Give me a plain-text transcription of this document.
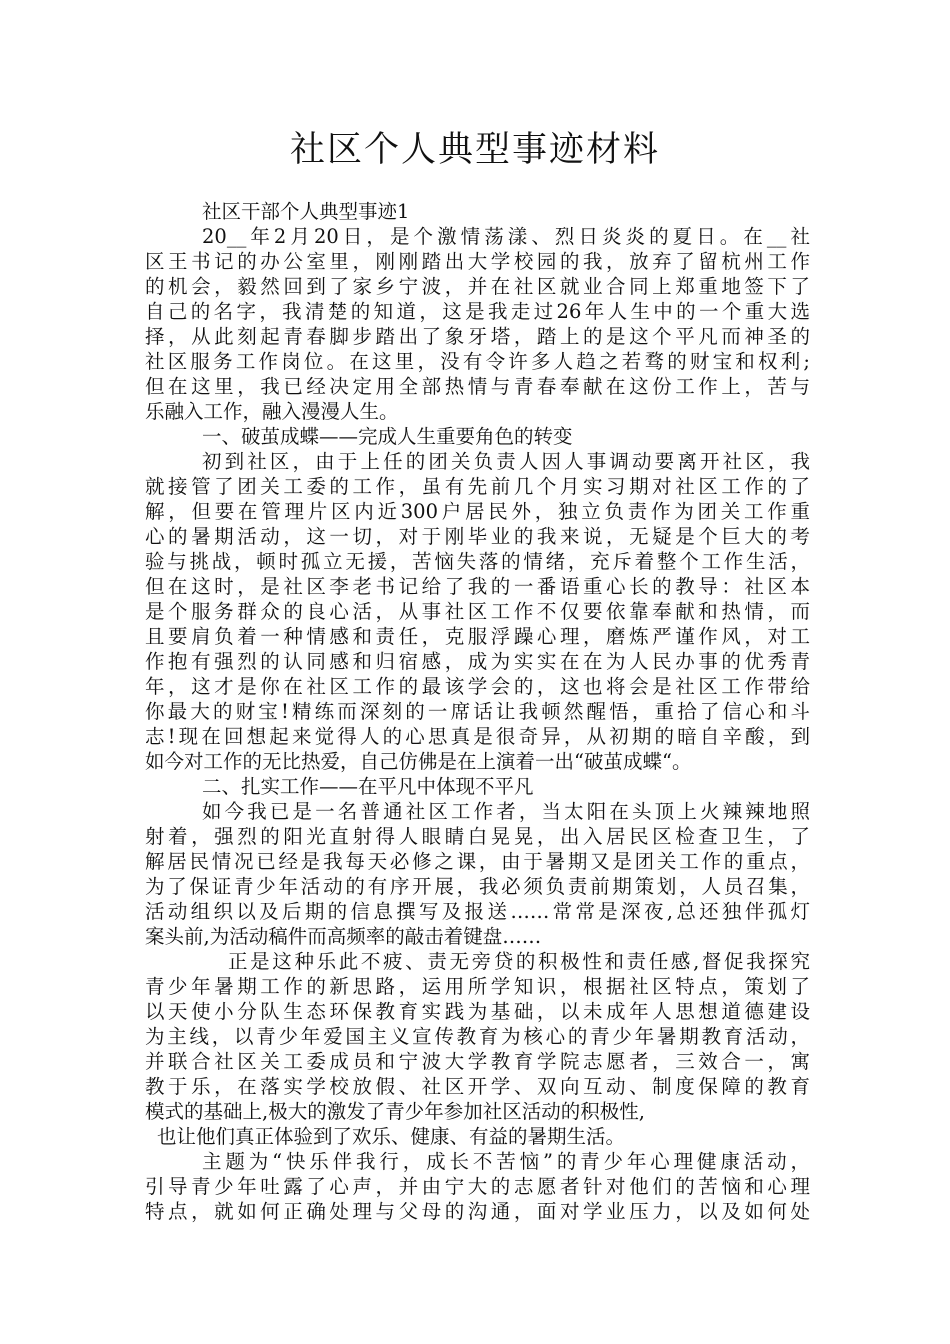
社区个人典型事迹材料
社区干部个人典型事迹1
20__年2月20日，是个激情荡漾、烈日炎炎的夏日。在__社
区王书记的办公室里，刚刚踏出大学校园的我，放弃了留杭州工作
的机会，毅然回到了家乡宁波，并在社区就业合同上郑重地签下了
自己的名字，我清楚的知道，这是我走过26年人生中的一个重大选
择，从此刻起青春脚步踏出了象牙塔，踏上的是这个平凡而神圣的
社区服务工作岗位。在这里，没有令许多人趋之若骛的财宝和权利;
但在这里，我已经决定用全部热情与青春奉献在这份工作上，苦与
乐融入工作，融入漫漫人生。
一、破茧成蝶——完成人生重要角色的转变
初到社区，由于上任的团关负责人因人事调动要离开社区，我
就接管了团关工委的工作，虽有先前几个月实习期对社区工作的了
解，但要在管理片区内近300户居民外，独立负责作为团关工作重
心的暑期活动，这一切，对于刚毕业的我来说，无疑是个巨大的考
验与挑战，顿时孤立无援，苦恼失落的情绪，充斥着整个工作生活，
但在这时，是社区李老书记给了我的一番语重心长的教导：社区本
是个服务群众的良心活，从事社区工作不仅要依靠奉献和热情，而
且要肩负着一种情感和责任，克服浮躁心理，磨炼严谨作风，对工
作抱有强烈的认同感和归宿感，成为实实在在为人民办事的优秀青
年，这才是你在社区工作的最该学会的，这也将会是社区工作带给
你最大的财宝!精练而深刻的一席话让我顿然醒悟，重拾了信心和斗
志!现在回想起来觉得人的心思真是很奇异，从初期的暗自辛酸，到
如今对工作的无比热爱，自己仿佛是在上演着一出“破茧成蝶“。
二、扎实工作——在平凡中体现不平凡
如今我已是一名普通社区工作者，当太阳在头顶上火辣辣地照
射着，强烈的阳光直射得人眼睛白晃晃，出入居民区检查卫生，了
解居民情况已经是我每天必修之课，由于暑期又是团关工作的重点，
为了保证青少年活动的有序开展，我必须负责前期策划，人员召集，
活动组织以及后期的信息撰写及报送……常常是深夜,总还独伴孤灯
案头前,为活动稿件而高频率的敲击着键盘……
正是这种乐此不疲、责无旁贷的积极性和责任感,督促我探究
青少年暑期工作的新思路，运用所学知识，根据社区特点，策划了
以天使小分队生态环保教育实践为基础，以未成年人思想道德建设
为主线，以青少年爱国主义宣传教育为核心的青少年暑期教育活动，
并联合社区关工委成员和宁波大学教育学院志愿者，三效合一，寓
教于乐，在落实学校放假、社区开学、双向互动、制度保障的教育
模式的基础上,极大的激发了青少年参加社区活动的积极性,
也让他们真正体验到了欢乐、健康、有益的暑期生活。
主题为“快乐伴我行，成长不苦恼”的青少年心理健康活动，
引导青少年吐露了心声，并由宁大的志愿者针对他们的苦恼和心理
特点，就如何正确处理与父母的沟通，面对学业压力，以及如何处
